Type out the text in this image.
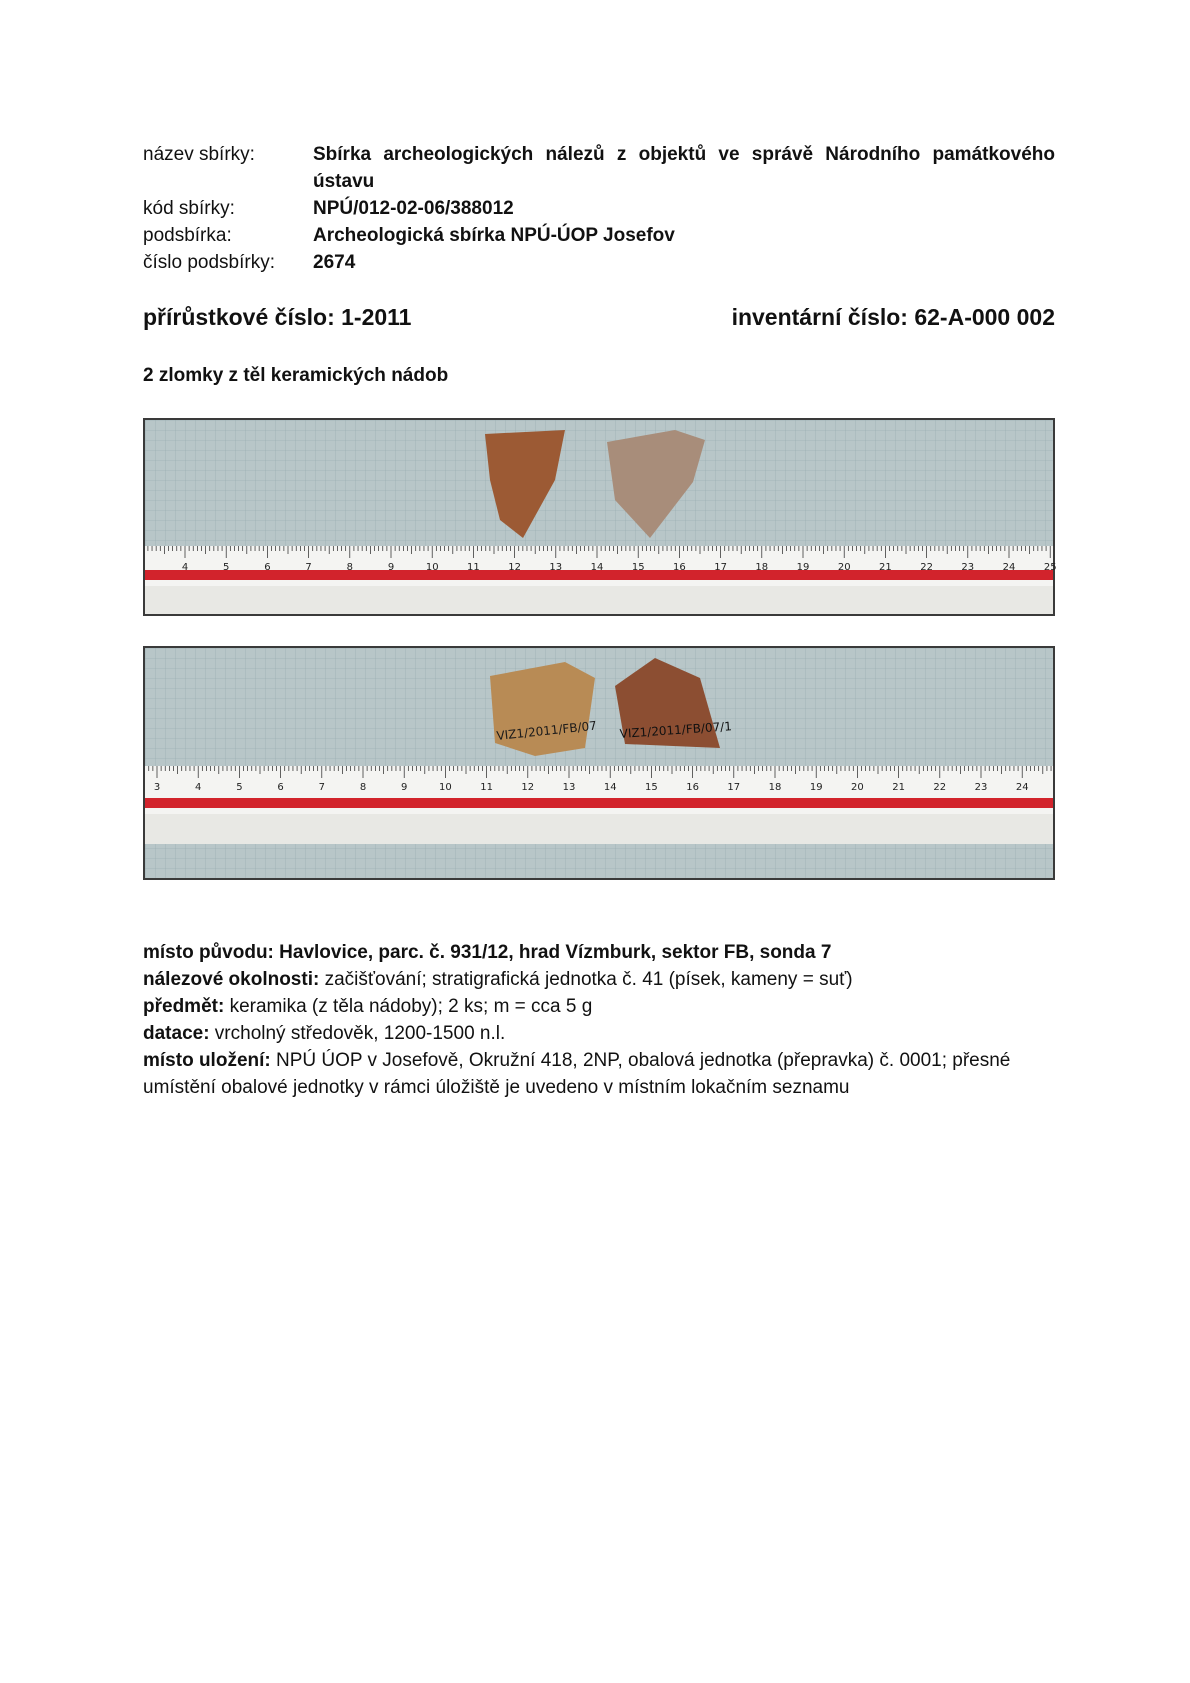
název sbírky:	Sbírka archeologických nálezů z objektů ve správě Národního památkového ústavu
kód sbírky:	NPÚ/012-02-06/388012
podsbírka:	Archeologická sbírka NPÚ-ÚOP Josefov
číslo podsbírky:	2674
přírůstkové číslo: 1-2011	inventární číslo: 62-A-000 002
2 zlomky z těl keramických nádob
4	5	6	7	8	9	10	11	12	13	14	15	16	17	18	19	20	21	22	23	24	25
VIZ1/2011/FB/07 VIZ1/2011/FB/07/1
3	4	5	6	7	8	9	10	11	12	13	14	15	16	17	18	19	20	21	22	23	24

místo původu: Havlovice, parc. č. 931/12, hrad Vízmburk, sektor FB, sonda 7

nálezové okolnosti: začišťování; stratigrafická jednotka č. 41 (písek, kameny = suť)

předmět: keramika (z těla nádoby); 2 ks; m = cca 5 g

datace: vrcholný středověk, 1200-1500 n.l.

místo uložení: NPÚ ÚOP v Josefově, Okružní 418, 2NP, obalová jednotka (přepravka) č. 0001; přesné umístění obalové jednotky v rámci úložiště je uvedeno v místním lokačním seznamu
